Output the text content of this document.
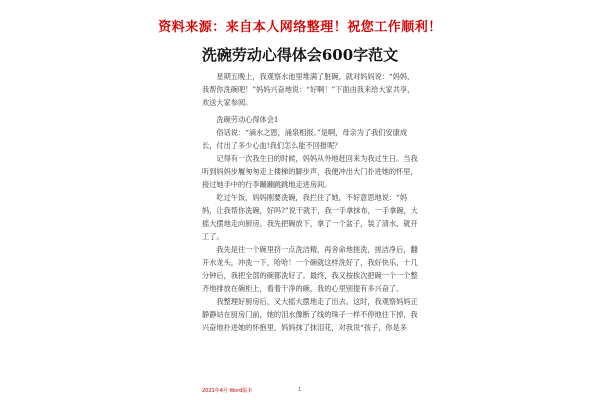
资料来源：来自本人网络整理！祝您工作顺利！
洗碗劳动心得体会600字范文

星期五晚上，我观察水池里堆满了脏碗，就对妈妈说：“妈妈，我帮你洗碗吧！”妈妈兴奋地说：“好啊！”下面由我来给大家共享，欢送大家参阅。

洗碗劳动心得体会1

俗话说：“滴水之恩，涌泉相报。”是啊，母亲为了我们安康成长，付出了多少心血!我们怎么能不回报呢？

记得有一次我生日的时候，妈妈从外地赶回来为我过生日。当我听到妈妈步履匆匆走上楼梯的脚步声，我便冲出大门扑进她的怀里，接过她手中的行李蹦蹦跳跳地走进房间。

吃过午饭，妈妈刚要洗碗，我拦住了她，不好意思地说：“妈妈，让我帮你洗碗，好吗?”说干就干，我一手拿抹布，一手拿碗，大摇大摆地走向厨房。我先把碗放下，拿了一个盆子，装了清水，就开工了。

我先是往一个碗里挤一点洗洁精，再舍命地搓洗，搓洁净后，翻开水龙头，冲洗一下，哈哈！一个碗就这样洗好了，我好快乐，十几分钟后，我把全部的碗都洗好了。最终，我又按挨次把碗一个一个整齐地排放在碗柜上，看着干净的碗，我的心里别提有多兴奋了。

我整理好厨房后，又大摇大摆地走了出去。这时，我观察妈妈正静静站在厨房门前，她的泪水像断了线的珠子一样不停地往下掉，我兴奋地扑进她的怀抱里，妈妈抹了抹泪花，对我说“孩子，你是多

2021年4月 Word版本	1
